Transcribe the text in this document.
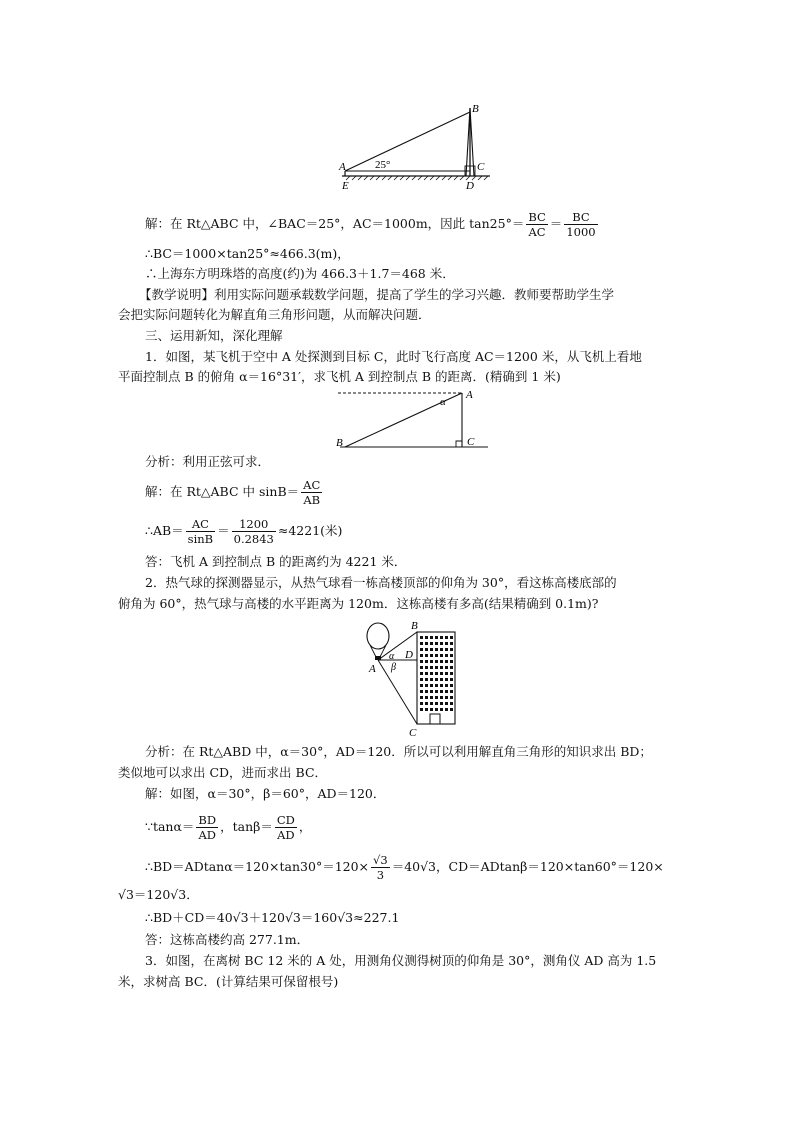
B
A
E
C
D
25°
解：在 Rt△ABC 中，∠BAC＝25°，AC＝1000m，因此 $\tan 25^\circ= \frac{BC}{AC} = \frac{BC}{1000}$
∴BC＝1000×tan25°≈466.3(m)，
∴上海东方明珠塔的高度(约)为 466.3＋1.7＝468 米．
【教学说明】利用实际问题承载数学问题，提高了学生的学习兴趣．教师要帮助学生学
会把实际问题转化为解直角三角形问题，从而解决问题．
三、运用新知，深化理解
1．如图，某飞机于空中 A 处探测到目标 C，此时飞行高度 AC＝1200 米，从飞机上看地
平面控制点 B 的俯角 α＝16°31′，求飞机 A 到控制点 B 的距离．(精确到 1 米)
A
B	C
α
分析：利用正弦可求．
解：在 Rt△ABC 中 $\sin B= \frac{AC}{AB}$
∴AB＝ $\frac{AC}{\sin B} = \frac{1200}{0.2843} \approx 4221$(米)
答：飞机 A 到控制点 B 的距离约为 4221 米．
2．热气球的探测器显示，从热气球看一栋高楼顶部的仰角为 30°，看这栋高楼底部的
俯角为 60°，热气球与高楼的水平距离为 120m．这栋高楼有多高(结果精确到 0.1m)?
B
D
A
C
α
β
分析：在 Rt△ABD 中，α＝30°，AD＝120．所以可以利用解直角三角形的知识求出 BD；
类似地可以求出 CD，进而求出 BC．
解：如图，α＝30°，β＝60°，AD＝120．
∵tanα＝ $\frac{BD}{AD}$ ，$\tan\beta= \frac{CD}{AD}$ ，
∴BD＝ADtanα＝120×tan30°＝120× $\frac{√3}{3} =40√3$，CD＝ADtanβ＝120×tan60°＝120×
√3＝120√3．
∴BD＋CD＝40√3＋120√3＝160√3≈227.1
答：这栋高楼约高 277.1m．
3．如图，在离树 BC 12 米的 A 处，用测角仪测得树顶的仰角是 30°，测角仪 AD 高为 1.5
米，求树高 BC．(计算结果可保留根号)
